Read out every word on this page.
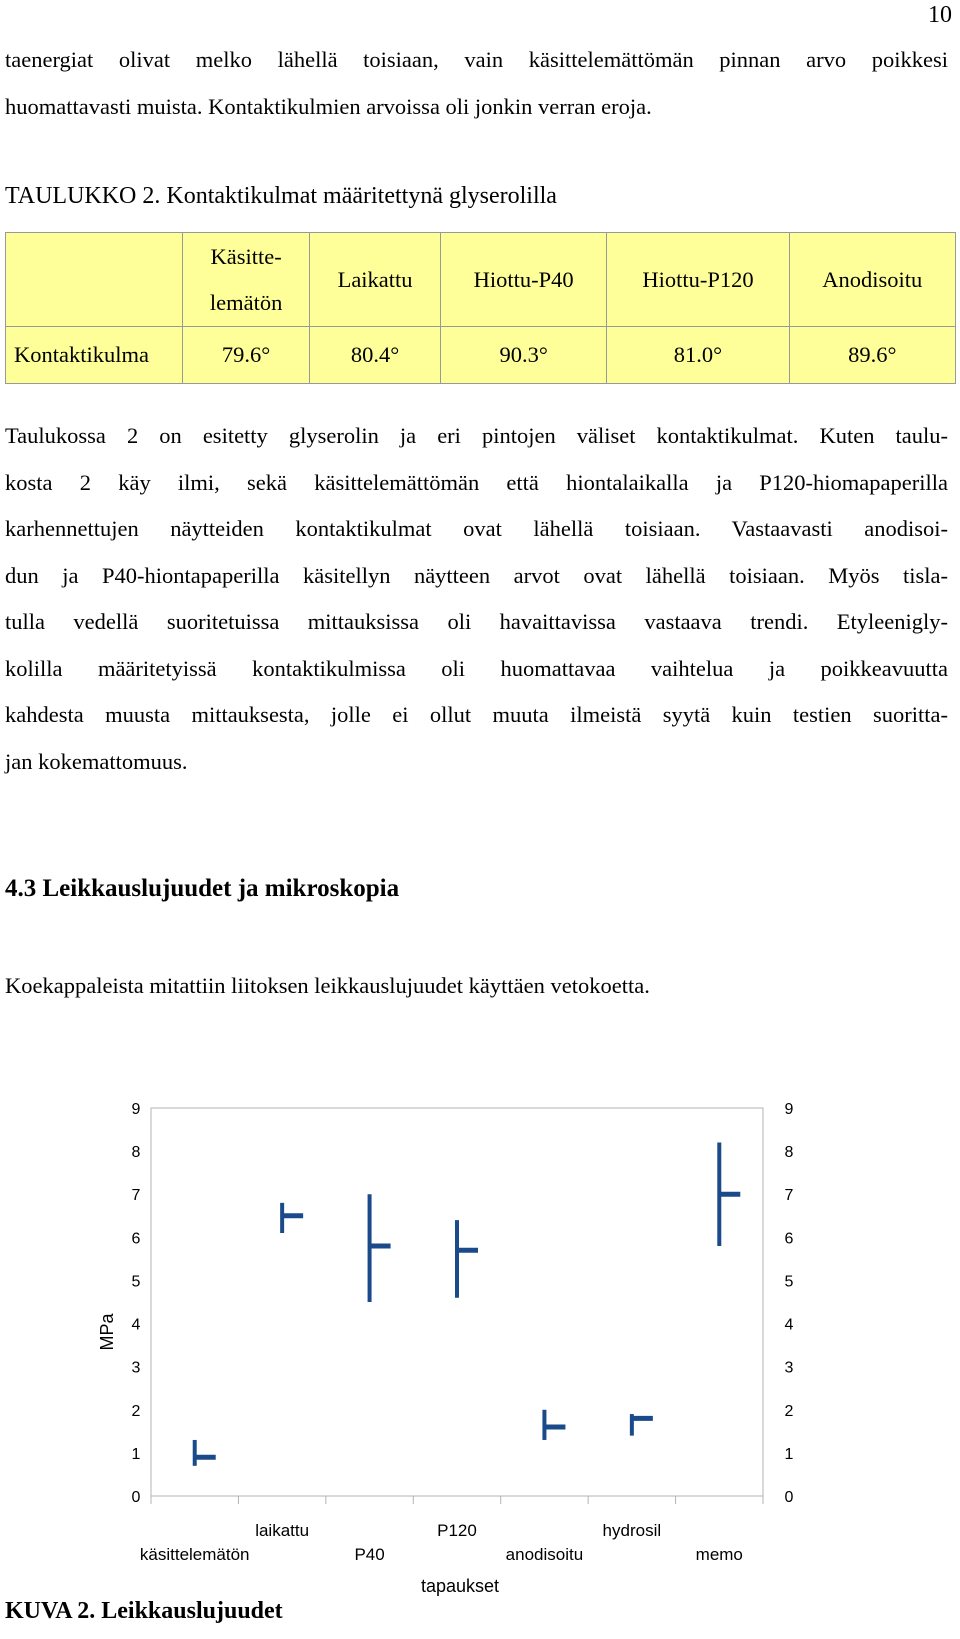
10
taenergiat olivat melko lähellä toisiaan, vain käsittelemättömän pinnan arvo poikkesi
huomattavasti muista. Kontaktikulmien arvoissa oli jonkin verran eroja.
TAULUKKO 2. Kontaktikulmat määritettynä glyserolilla
	Käsitte-
lemätön	Laikattu	Hiottu-P40	Hiottu-P120	Anodisoitu
Kontaktikulma	79.6°	80.4°	90.3°	81.0°	89.6°
Taulukossa 2 on esitetty glyserolin ja eri pintojen väliset kontaktikulmat. Kuten taulu-
kosta 2 käy ilmi, sekä käsittelemättömän että hiontalaikalla ja P120-hiomapaperilla
karhennettujen näytteiden kontaktikulmat ovat lähellä toisiaan. Vastaavasti anodisoi-
dun ja P40-hiontapaperilla käsitellyn näytteen arvot ovat lähellä toisiaan. Myös tisla-
tulla vedellä suoritetuissa mittauksissa oli havaittavissa vastaava trendi. Etyleenigly-
kolilla määritetyissä kontaktikulmissa oli huomattavaa vaihtelua ja poikkeavuutta
kahdesta muusta mittauksesta, jolle ei ollut muuta ilmeistä syytä kuin testien suoritta-
jan kokemattomuus.
4.3 Leikkauslujuudet ja mikroskopia
Koekappaleista mitattiin liitoksen leikkauslujuudet käyttäen vetokoetta.
0
1
2
3
4
5
6
7
8
9
0
1
2
3
4
5
6
7
8
9
käsittelemätön
laikattu
P40
P120
anodisoitu
hydrosil
memo
MPa
tapaukset
KUVA 2. Leikkauslujuudet
